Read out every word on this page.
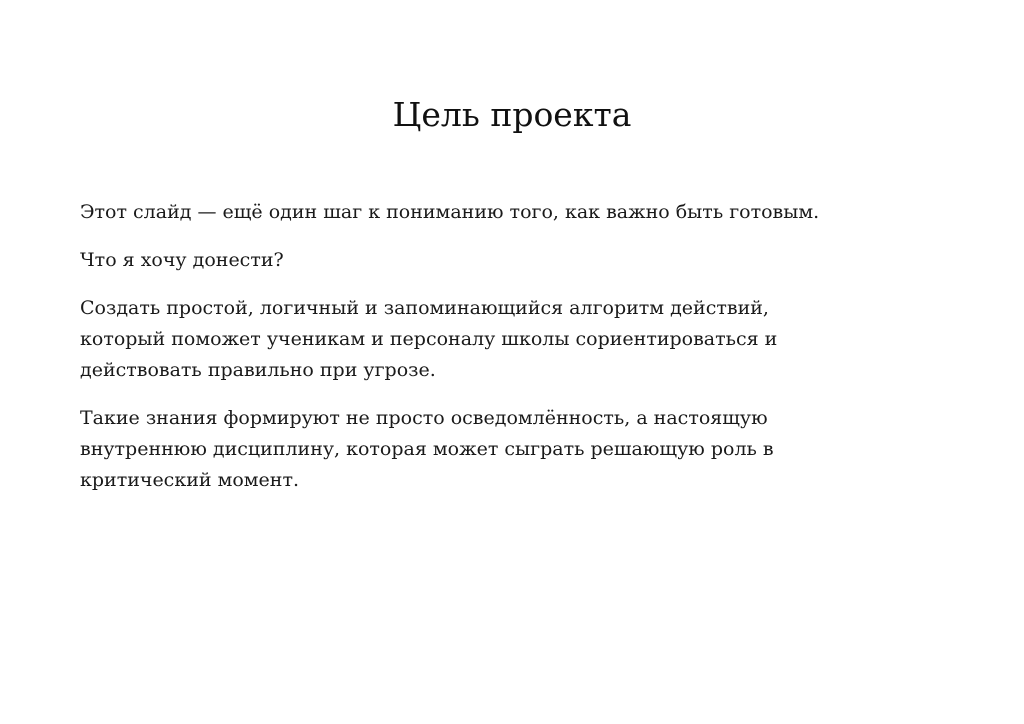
Цель проекта

Этот слайд — ещё один шаг к пониманию того, как важно быть готовым.

Что я хочу донести?

Создать простой, логичный и запоминающийся алгоритм действий, который поможет ученикам и персоналу школы сориентироваться и действовать правильно при угрозе.

Такие знания формируют не просто осведомлённость, а настоящую внутреннюю дисциплину, которая может сыграть решающую роль в критический момент.
